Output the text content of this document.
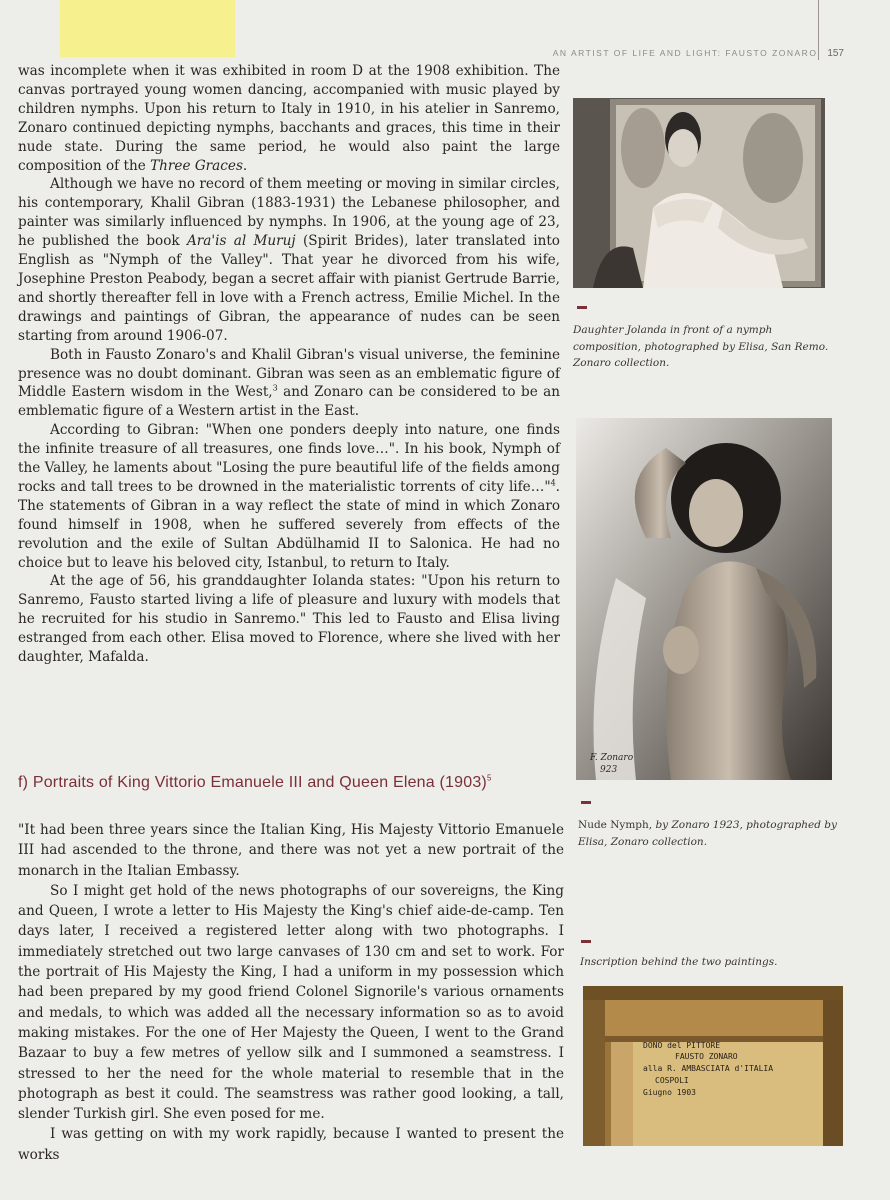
AN ARTIST OF LIFE AND LIGHT: FAUSTO ZONARO 157

was incomplete when it was exhibited in room D at the 1908 exhibition. The canvas portrayed young women dancing, accompanied with music played by children nymphs. Upon his return to Italy in 1910, in his atelier in Sanremo, Zonaro continued depicting nymphs, bacchants and graces, this time in their nude state. During the same period, he would also paint the large composition of the Three Graces.

Although we have no record of them meeting or moving in similar circles, his contemporary, Khalil Gibran (1883-1931) the Lebanese philosopher, and painter was similarly influenced by nymphs. In 1906, at the young age of 23, he published the book Ara'is al Muruj (Spirit Brides), later translated into English as "Nymph of the Valley". That year he divorced from his wife, Josephine Preston Peabody, began a secret affair with pianist Gertrude Barrie, and shortly thereafter fell in love with a French actress, Emilie Michel. In the drawings and paintings of Gibran, the appearance of nudes can be seen starting from around 1906-07.

Both in Fausto Zonaro's and Khalil Gibran's visual universe, the feminine presence was no doubt dominant. Gibran was seen as an emblematic figure of Middle Eastern wisdom in the West,$^3$ and Zonaro can be considered to be an emblematic figure of a Western artist in the East.

According to Gibran: "When one ponders deeply into nature, one finds the infinite treasure of all treasures, one finds love…". In his book, Nymph of the Valley, he laments about "Losing the pure beautiful life of the fields among rocks and tall trees to be drowned in the materialistic torrents of city life…"$^4$. The statements of Gibran in a way reflect the state of mind in which Zonaro found himself in 1908, when he suffered severely from effects of the revolution and the exile of Sultan Abdülhamid II to Salonica. He had no choice but to leave his beloved city, Istanbul, to return to Italy.

At the age of 56, his granddaughter Iolanda states: "Upon his return to Sanremo, Fausto started living a life of pleasure and luxury with models that he recruited for his studio in Sanremo." This led to Fausto and Elisa living estranged from each other. Elisa moved to Florence, where she lived with her daughter, Mafalda.

f) Portraits of King Vittorio Emanuele III and Queen Elena $(1903)^5$

"It had been three years since the Italian King, His Majesty Vittorio Emanuele III had ascended to the throne, and there was not yet a new portrait of the monarch in the Italian Embassy.

So I might get hold of the news photographs of our sovereigns, the King and Queen, I wrote a letter to His Majesty the King's chief aide-de-camp. Ten days later, I received a registered letter along with two photographs. I immediately stretched out two large canvases of 130 cm and set to work. For the portrait of His Majesty the King, I had a uniform in my possession which had been prepared by my good friend Colonel Signorile's various ornaments and medals, to which was added all the necessary information so as to avoid making mistakes. For the one of Her Majesty the Queen, I went to the Grand Bazaar to buy a few metres of yellow silk and I summoned a seamstress. I stressed to her the need for the whole material to resemble that in the photograph as best it could. The seamstress was rather good looking, a tall, slender Turkish girl. She even posed for me.

I was getting on with my work rapidly, because I wanted to present the works

Daughter Jolanda in front of a nymph composition, photographed by Elisa, San Remo. Zonaro collection.
F. Zonaro
923
Nude Nymph, by Zonaro 1923, photographed by Elisa, Zonaro collection.
Inscription behind the two paintings.
DONO del PITTORE
FAUSTO ZONARO
alla R. AMBASCIATA d'ITALIA
COSPOLI
Giugno 1903
